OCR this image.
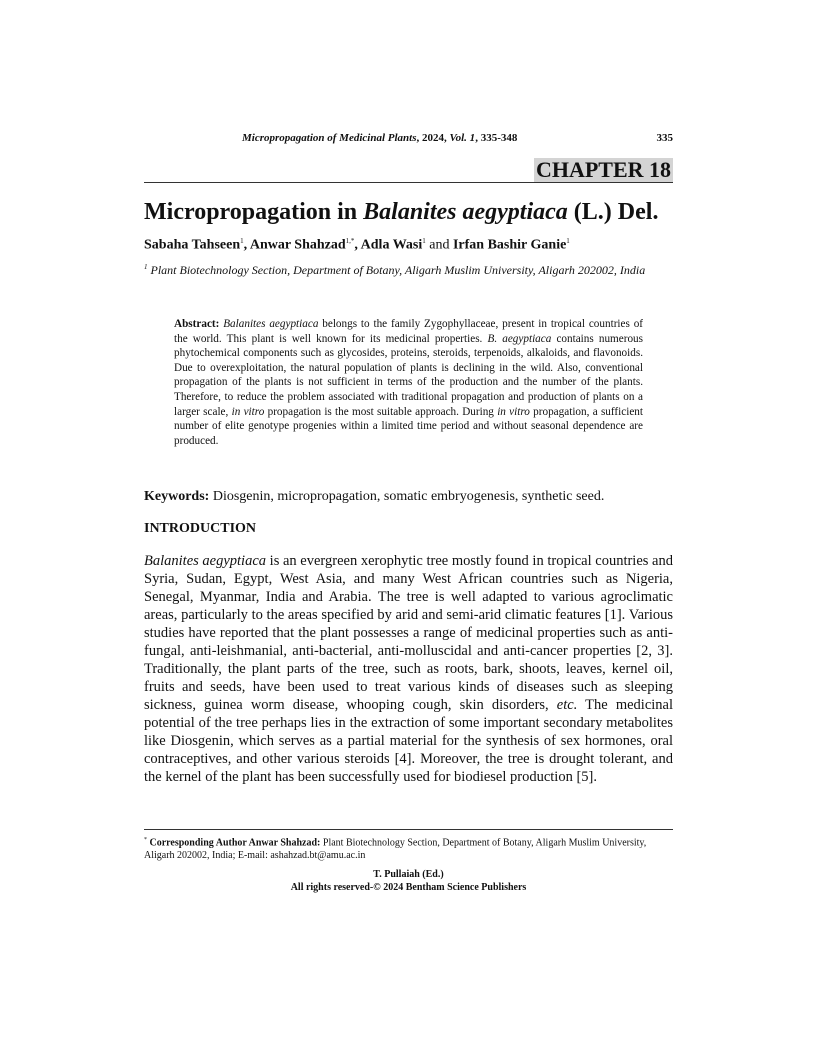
Micropropagation of Medicinal Plants, 2024, Vol. 1, 335-348	335
CHAPTER 18
Micropropagation in Balanites aegyptiaca (L.) Del.
Sabaha Tahseen$^1$, Anwar Shahzad$^{1,*}$, Adla Wasi$^1$ and Irfan Bashir Ganie$^1$
$^1$ Plant Biotechnology Section, Department of Botany, Aligarh Muslim University, Aligarh 202002, India
Abstract: Balanites aegyptiaca belongs to the family Zygophyllaceae, present in tropical countries of the world. This plant is well known for its medicinal properties. B. aegyptiaca contains numerous phytochemical components such as glycosides, proteins, steroids, terpenoids, alkaloids, and flavonoids. Due to overexploitation, the natural population of plants is declining in the wild. Also, conventional propagation of the plants is not sufficient in terms of the production and the number of the plants. Therefore, to reduce the problem associated with traditional propagation and production of plants on a larger scale, in vitro propagation is the most suitable approach. During in vitro propagation, a sufficient number of elite genotype progenies within a limited time period and without seasonal dependence are produced.
Keywords: Diosgenin, micropropagation, somatic embryogenesis, synthetic seed.
INTRODUCTION
Balanites aegyptiaca is an evergreen xerophytic tree mostly found in tropical countries and Syria, Sudan, Egypt, West Asia, and many West African countries such as Nigeria, Senegal, Myanmar, India and Arabia. The tree is well adapted to various agroclimatic areas, particularly to the areas specified by arid and semi-arid climatic features [1]. Various studies have reported that the plant possesses a range of medicinal properties such as anti-fungal, anti-leishmanial, anti-bacterial, anti-molluscidal and anti-cancer properties [2, 3]. Traditionally, the plant parts of the tree, such as roots, bark, shoots, leaves, kernel oil, fruits and seeds, have been used to treat various kinds of diseases such as sleeping sickness, guinea worm disease, whooping cough, skin disorders, etc. The medicinal potential of the tree perhaps lies in the extraction of some important secondary metabolites like Diosgenin, which serves as a partial material for the synthesis of sex hormones, oral contraceptives, and other various steroids [4]. Moreover, the tree is drought tolerant, and the kernel of the plant has been successfully used for biodiesel production [5].
* Corresponding Author Anwar Shahzad: Plant Biotechnology Section, Department of Botany, Aligarh Muslim University, Aligarh 202002, India; E-mail: ashahzad.bt@amu.ac.in
T. Pullaiah (Ed.)
All rights reserved-© 2024 Bentham Science Publishers
